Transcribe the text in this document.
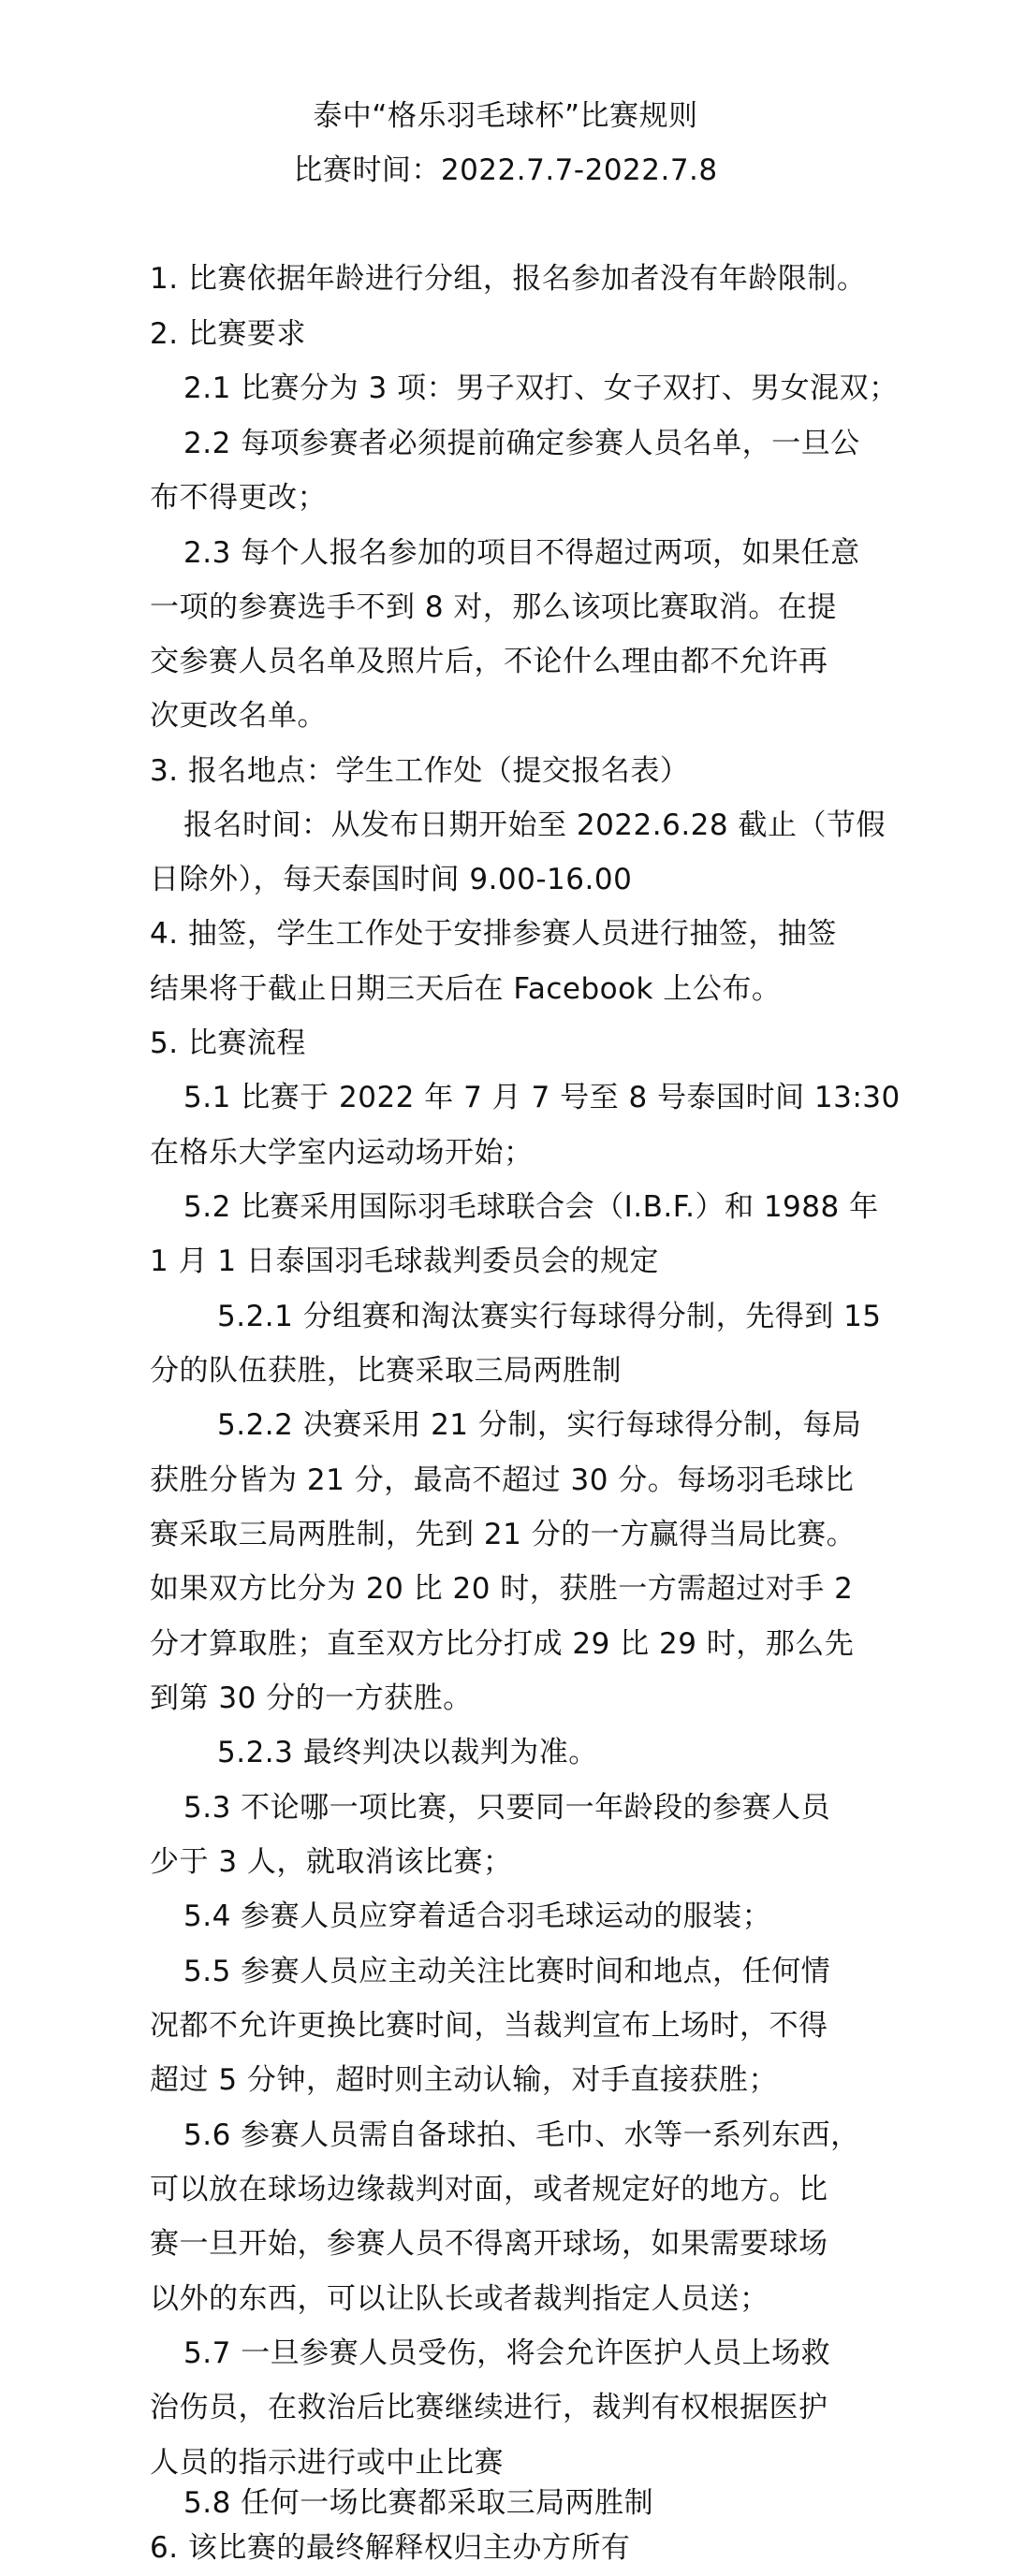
泰中“格乐羽毛球杯”比赛规则
比赛时间：2022.7.7-2022.7.8
1. 比赛依据年龄进行分组，报名参加者没有年龄限制。
2. 比赛要求
2.1 比赛分为 3 项：男子双打、女子双打、男女混双；
2.2 每项参赛者必须提前确定参赛人员名单，一旦公
布不得更改；
2.3 每个人报名参加的项目不得超过两项，如果任意
一项的参赛选手不到 8 对，那么该项比赛取消。在提
交参赛人员名单及照片后，不论什么理由都不允许再
次更改名单。
3. 报名地点：学生工作处（提交报名表）
报名时间：从发布日期开始至 2022.6.28 截止（节假
日除外），每天泰国时间 9.00-16.00
4. 抽签，学生工作处于安排参赛人员进行抽签，抽签
结果将于截止日期三天后在 Facebook 上公布。
5. 比赛流程
5.1 比赛于 2022 年 7 月 7 号至 8 号泰国时间 13:30
在格乐大学室内运动场开始；
5.2 比赛采用国际羽毛球联合会（I.B.F.）和 1988 年
1 月 1 日泰国羽毛球裁判委员会的规定
5.2.1 分组赛和淘汰赛实行每球得分制，先得到 15
分的队伍获胜，比赛采取三局两胜制
5.2.2 决赛采用 21 分制，实行每球得分制，每局
获胜分皆为 21 分，最高不超过 30 分。每场羽毛球比
赛采取三局两胜制，先到 21 分的一方赢得当局比赛。
如果双方比分为 20 比 20 时，获胜一方需超过对手 2
分才算取胜；直至双方比分打成 29 比 29 时，那么先
到第 30 分的一方获胜。
5.2.3 最终判决以裁判为准。
5.3 不论哪一项比赛，只要同一年龄段的参赛人员
少于 3 人，就取消该比赛；
5.4 参赛人员应穿着适合羽毛球运动的服装；
5.5 参赛人员应主动关注比赛时间和地点，任何情
况都不允许更换比赛时间，当裁判宣布上场时，不得
超过 5 分钟，超时则主动认输，对手直接获胜；
5.6 参赛人员需自备球拍、毛巾、水等一系列东西，
可以放在球场边缘裁判对面，或者规定好的地方。比
赛一旦开始，参赛人员不得离开球场，如果需要球场
以外的东西，可以让队长或者裁判指定人员送；
5.7 一旦参赛人员受伤，将会允许医护人员上场救
治伤员，在救治后比赛继续进行，裁判有权根据医护
人员的指示进行或中止比赛
5.8 任何一场比赛都采取三局两胜制
6. 该比赛的最终解释权归主办方所有
